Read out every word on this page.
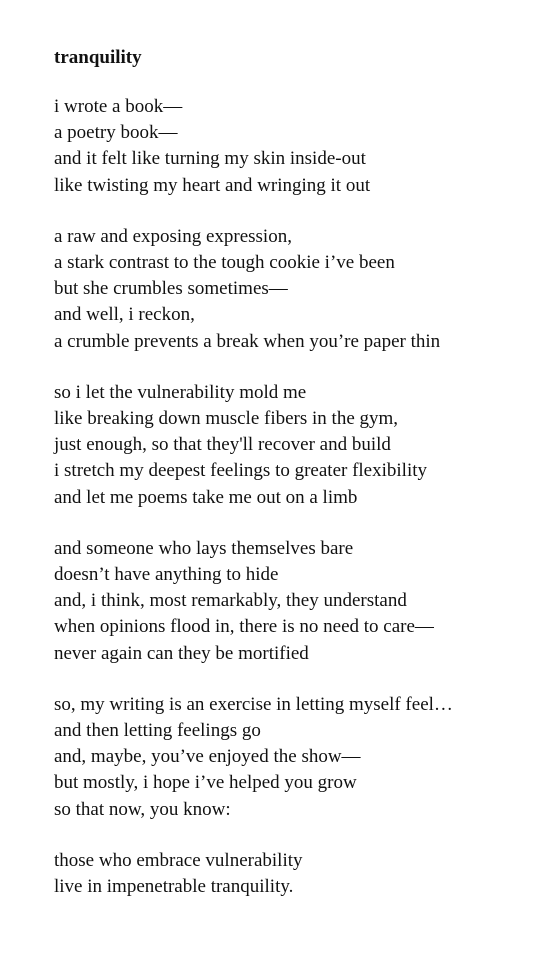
tranquility
i wrote a book—
a poetry book—
and it felt like turning my skin inside-out
like twisting my heart and wringing it out
a raw and exposing expression,
a stark contrast to the tough cookie i’ve been
but she crumbles sometimes—
and well, i reckon,
a crumble prevents a break when you’re paper thin
so i let the vulnerability mold me
like breaking down muscle fibers in the gym,
just enough, so that they'll recover and build
i stretch my deepest feelings to greater flexibility
and let me poems take me out on a limb
and someone who lays themselves bare
doesn’t have anything to hide
and, i think, most remarkably, they understand
when opinions flood in, there is no need to care—
never again can they be mortified
so, my writing is an exercise in letting myself feel…
and then letting feelings go
and, maybe, you’ve enjoyed the show—
but mostly, i hope i’ve helped you grow
so that now, you know:
those who embrace vulnerability
live in impenetrable tranquility.
